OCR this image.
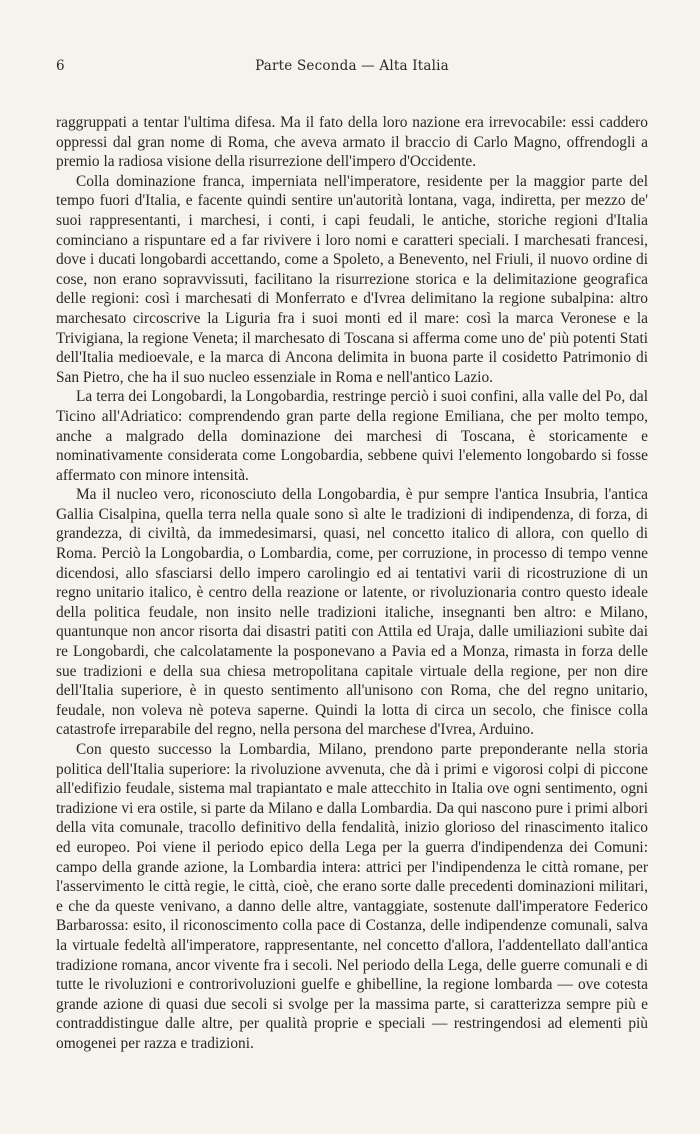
6	Parte Seconda — Alta Italia

raggruppati a tentar l'ultima difesa. Ma il fato della loro nazione era irrevocabile: essi caddero oppressi dal gran nome di Roma, che aveva armato il braccio di Carlo Magno, offrendogli a premio la radiosa visione della risurrezione dell'impero d'Occidente.

Colla dominazione franca, imperniata nell'imperatore, residente per la maggior parte del tempo fuori d'Italia, e facente quindi sentire un'autorità lontana, vaga, indiretta, per mezzo de' suoi rappresentanti, i marchesi, i conti, i capi feudali, le antiche, storiche regioni d'Italia cominciano a rispuntare ed a far rivivere i loro nomi e caratteri speciali. I marchesati francesi, dove i ducati longobardi accettando, come a Spoleto, a Benevento, nel Friuli, il nuovo ordine di cose, non erano sopravvissuti, facilitano la risurrezione storica e la delimitazione geografica delle regioni: così i marchesati di Monferrato e d'Ivrea delimitano la regione subalpina: altro marchesato circoscrive la Liguria fra i suoi monti ed il mare: così la marca Veronese e la Trivigiana, la regione Veneta; il marchesato di Toscana si afferma come uno de' più potenti Stati dell'Italia medioevale, e la marca di Ancona delimita in buona parte il cosidetto Patrimonio di San Pietro, che ha il suo nucleo essenziale in Roma e nell'antico Lazio.

La terra dei Longobardi, la Longobardia, restringe perciò i suoi confini, alla valle del Po, dal Ticino all'Adriatico: comprendendo gran parte della regione Emiliana, che per molto tempo, anche a malgrado della dominazione dei marchesi di Toscana, è storicamente e nominativamente considerata come Longobardia, sebbene quivi l'elemento longobardo si fosse affermato con minore intensità.

Ma il nucleo vero, riconosciuto della Longobardia, è pur sempre l'antica Insubria, l'antica Gallia Cisalpina, quella terra nella quale sono sì alte le tradizioni di indipendenza, di forza, di grandezza, di civiltà, da immedesimarsi, quasi, nel concetto italico di allora, con quello di Roma. Perciò la Longobardia, o Lombardia, come, per corruzione, in processo di tempo venne dicendosi, allo sfasciarsi dello impero carolingio ed ai tentativi varii di ricostruzione di un regno unitario italico, è centro della reazione or latente, or rivoluzionaria contro questo ideale della politica feudale, non insito nelle tradizioni italiche, insegnanti ben altro: e Milano, quantunque non ancor risorta dai disastri patiti con Attila ed Uraja, dalle umiliazioni subìte dai re Longobardi, che calcolatamente la posponevano a Pavia ed a Monza, rimasta in forza delle sue tradizioni e della sua chiesa metropolitana capitale virtuale della regione, per non dire dell'Italia superiore, è in questo sentimento all'unisono con Roma, che del regno unitario, feudale, non voleva nè poteva saperne. Quindi la lotta di circa un secolo, che finisce colla catastrofe irreparabile del regno, nella persona del marchese d'Ivrea, Arduino.

Con questo successo la Lombardia, Milano, prendono parte preponderante nella storia politica dell'Italia superiore: la rivoluzione avvenuta, che dà i primi e vigorosi colpi di piccone all'edifizio feudale, sistema mal trapiantato e male attecchito in Italia ove ogni sentimento, ogni tradizione vi era ostile, si parte da Milano e dalla Lombardia. Da qui nascono pure i primi albori della vita comunale, tracollo definitivo della fendalità, inizio glorioso del rinascimento italico ed europeo. Poi viene il periodo epico della Lega per la guerra d'indipendenza dei Comuni: campo della grande azione, la Lombardia intera: attrici per l'indipendenza le città romane, per l'asservimento le città regie, le città, cioè, che erano sorte dalle precedenti dominazioni militari, e che da queste venivano, a danno delle altre, vantaggiate, sostenute dall'imperatore Federico Barbarossa: esito, il riconoscimento colla pace di Costanza, delle indipendenze comunali, salva la virtuale fedeltà all'imperatore, rappresentante, nel concetto d'allora, l'addentellato dall'antica tradizione romana, ancor vivente fra i secoli. Nel periodo della Lega, delle guerre comunali e di tutte le rivoluzioni e controrivoluzioni guelfe e ghibelline, la regione lombarda — ove cotesta grande azione di quasi due secoli si svolge per la massima parte, si caratterizza sempre più e contraddistingue dalle altre, per qualità proprie e speciali — restringendosi ad elementi più omogenei per razza e tradizioni.
